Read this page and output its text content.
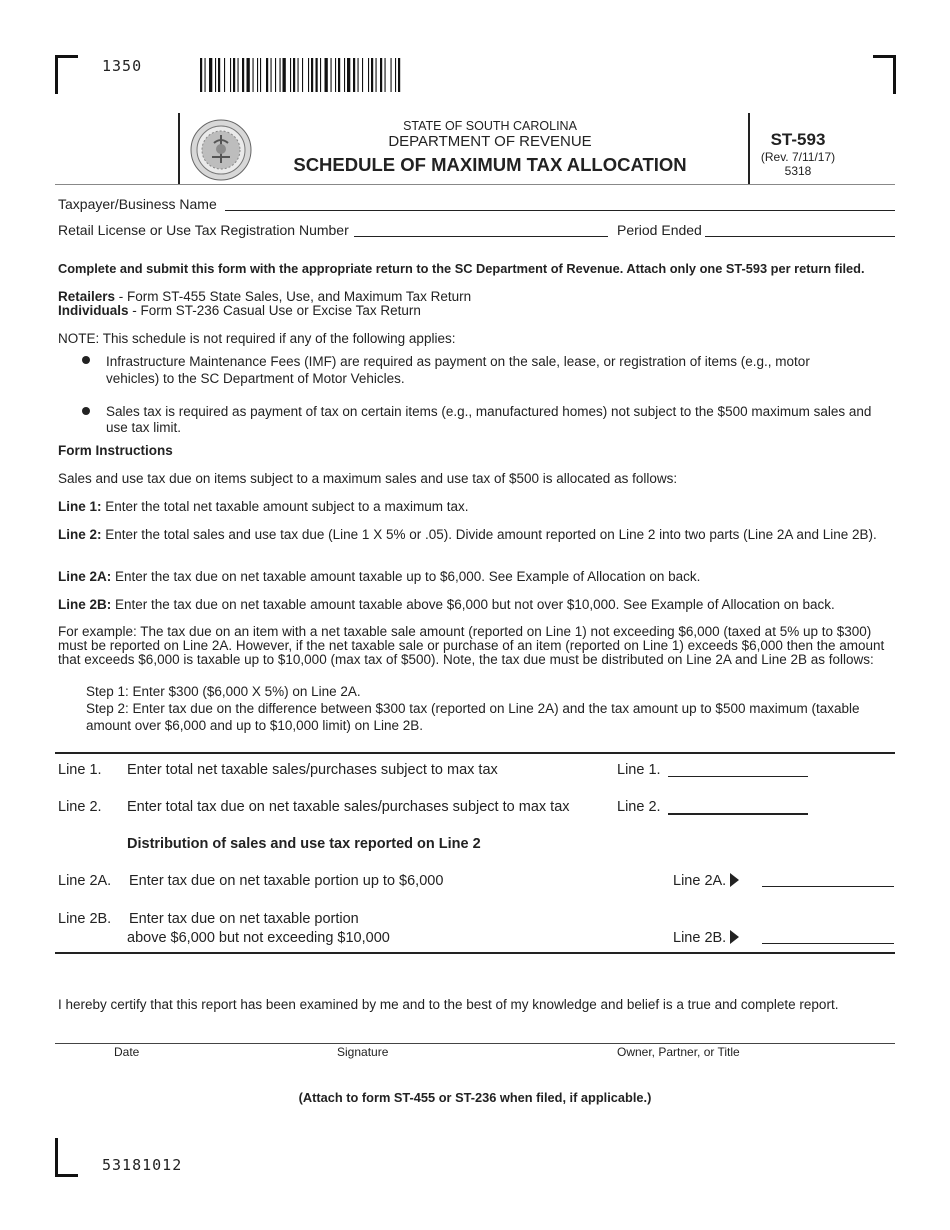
1350
53181012
STATE OF SOUTH CAROLINA
DEPARTMENT OF REVENUE
SCHEDULE OF MAXIMUM TAX ALLOCATION
ST-593
(Rev. 7/11/17)
5318
Taxpayer/Business Name
Retail License or Use Tax Registration Number	Period Ended
Complete and submit this form with the appropriate return to the SC Department of Revenue. Attach only one ST-593 per return filed.
Retailers - Form ST-455 State Sales, Use, and Maximum Tax Return
Individuals - Form ST-236 Casual Use or Excise Tax Return
NOTE: This schedule is not required if any of the following applies:
Infrastructure Maintenance Fees (IMF) are required as payment on the sale, lease, or registration of items (e.g., motor vehicles) to the SC Department of Motor Vehicles.
Sales tax is required as payment of tax on certain items (e.g., manufactured homes) not subject to the $500 maximum sales and use tax limit.
Form Instructions
Sales and use tax due on items subject to a maximum sales and use tax of $500 is allocated as follows:
Line 1: Enter the total net taxable amount subject to a maximum tax.
Line 2: Enter the total sales and use tax due (Line 1 X 5% or .05). Divide amount reported on Line 2 into two parts (Line 2A and Line 2B).
Line 2A: Enter the tax due on net taxable amount taxable up to $6,000. See Example of Allocation on back.
Line 2B: Enter the tax due on net taxable amount taxable above $6,000 but not over $10,000. See Example of Allocation on back.
For example: The tax due on an item with a net taxable sale amount (reported on Line 1) not exceeding $6,000 (taxed at 5% up to $300) must be reported on Line 2A. However, if the net taxable sale or purchase of an item (reported on Line 1) exceeds $6,000 then the amount that exceeds $6,000 is taxable up to $10,000 (max tax of $500). Note, the tax due must be distributed on Line 2A and Line 2B as follows:
Step 1: Enter $300 ($6,000 X 5%) on Line 2A.
Step 2: Enter tax due on the difference between $300 tax (reported on Line 2A) and the tax amount up to $500 maximum (taxable amount over $6,000 and up to $10,000 limit) on Line 2B.
Line 1. Enter total net taxable sales/purchases subject to max tax	Line 1.
Line 2. Enter total tax due on net taxable sales/purchases subject to max tax	Line 2.
Distribution of sales and use tax reported on Line 2
Line 2A. Enter tax due on net taxable portion up to $6,000	Line 2A.
Line 2B. Enter tax due on net taxable portion
above $6,000 but not exceeding $10,000	Line 2B.
I hereby certify that this report has been examined by me and to the best of my knowledge and belief is a true and complete report.
Date	Signature	Owner, Partner, or Title
(Attach to form ST-455 or ST-236 when filed, if applicable.)
